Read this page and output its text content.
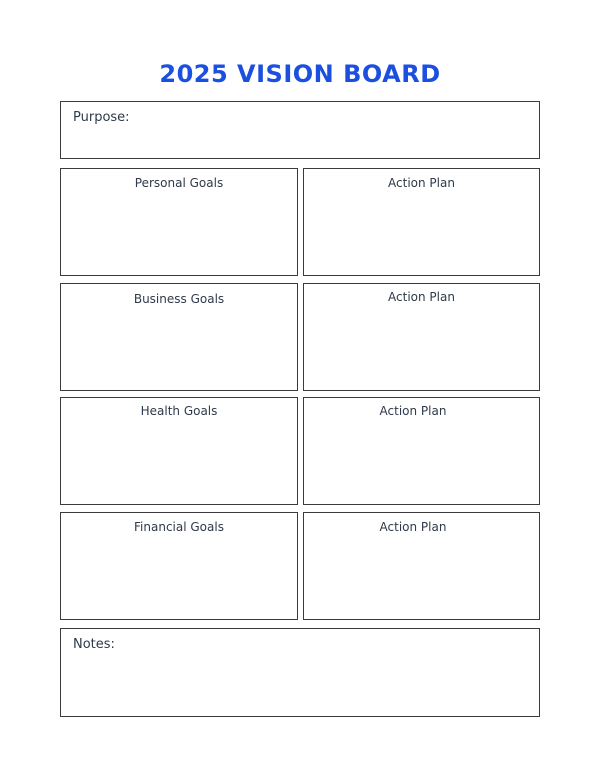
2025 VISION BOARD
Purpose:
Personal Goals	Action Plan
Business Goals	Action Plan
Health Goals	Action Plan
Financial Goals	Action Plan
Notes:
